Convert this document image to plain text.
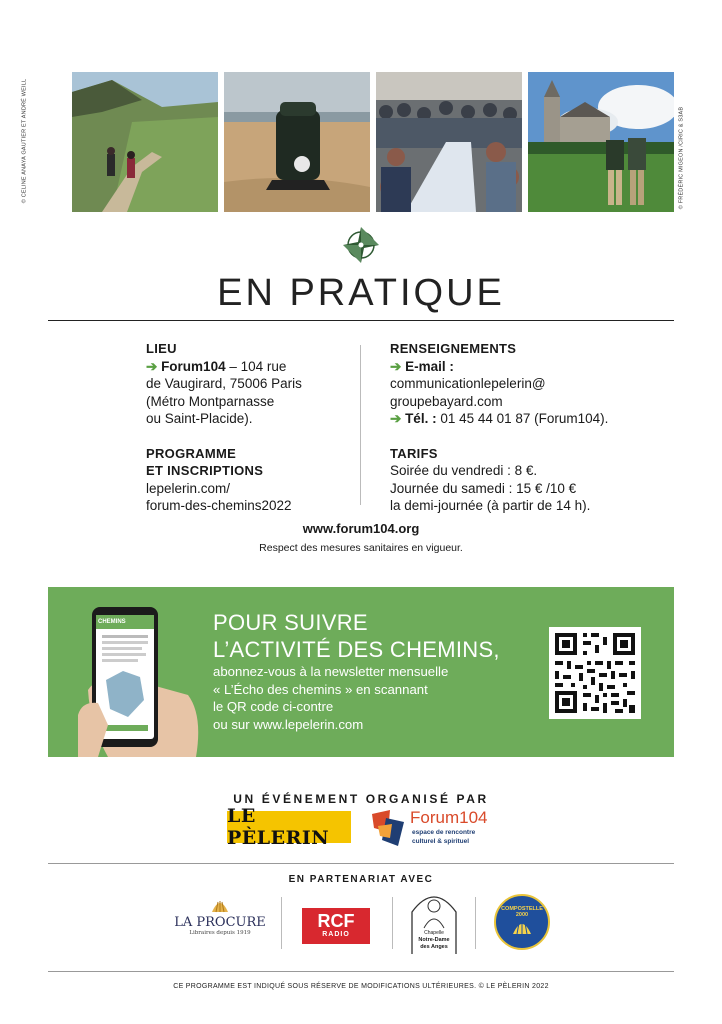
© CELINE ANAYA GAUTIER ET ANDRÉ WEILL	© FRÉDÉRIC MIGEON /CIRIC & S3AB
EN PRATIQUE
LIEU
➔ Forum104 – 104 rue
de Vaugirard, 75006 Paris
(Métro Montparnasse
ou Saint-Placide).
PROGRAMME
ET INSCRIPTIONS
lepelerin.com/
forum-des-chemins2022
RENSEIGNEMENTS
➔ E-mail :
communicationlepelerin@
groupebayard.com
➔ Tél. : 01 45 44 01 87 (Forum104).
TARIFS
Soirée du vendredi : 8 €.
Journée du samedi : 15 € /10 €
la demi-journée (à partir de 14 h).
www.forum104.org
Respect des mesures sanitaires en vigueur.
CHEMINS	POUR SUIVRE
L’ACTIVITÉ DES CHEMINS,
abonnez-vous à la newsletter mensuelle
« L’Écho des chemins » en scannant
le QR code ci-contre
ou sur www.lepelerin.com
UN ÉVÉNEMENT ORGANISÉ PAR
LE PÈLERIN
Forum104
espace de rencontre
culturel & spirituel
EN PARTENARIAT AVEC
LA PROCURE
Libraires depuis 1919
RCF
RADIO	Chapelle
Notre-Dame
des Anges
COMPOSTELLE
2000
CE PROGRAMME EST INDIQUÉ SOUS RÉSERVE DE MODIFICATIONS ULTÉRIEURES. © LE PÈLERIN 2022
